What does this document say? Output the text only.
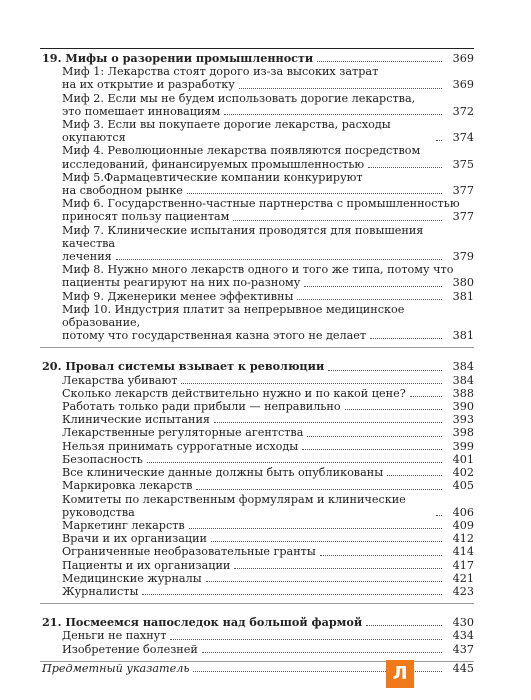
19. Мифы о разорении промышленности	369
Миф 1: Лекарства стоят дорого из-за высоких затрат
на их открытие и разработку	369
Миф 2. Если мы не будем использовать дорогие лекарства,
это помешает инновациям	372
Миф 3. Если вы покупаете дорогие лекарства, расходы окупаются	374
Миф 4. Революционные лекарства появляются посредством
исследований, финансируемых промышленностью	375
Миф 5.Фармацевтические компании конкурируют
на свободном рынке	377
Миф 6. Государственно-частные партнерства с промышленностью
приносят пользу пациентам	377
Миф 7. Клинические испытания проводятся для повышения качества
лечения	379
Миф 8. Нужно много лекарств одного и того же типа, потому что
пациенты реагируют на них по-разному	380
Миф 9. Дженерики менее эффективны	381
Миф 10. Индустрия платит за непрерывное медицинское образование,
потому что государственная казна этого не делает	381
20. Провал системы взывает к революции	384
Лекарства убивают	384
Сколько лекарств действительно нужно и по какой цене?	388
Работать только ради прибыли — неправильно	390
Клинические испытания	393
Лекарственные регуляторные агентства	398
Нельзя принимать суррогатные исходы	399
Безопасность	401
Все клинические данные должны быть опубликованы	402
Маркировка лекарств	405
Комитеты по лекарственным формулярам и клинические руководства	406
Маркетинг лекарств	409
Врачи и их организации	412
Ограниченные необразовательные гранты	414
Пациенты и их организации	417
Медицинские журналы	421
Журналисты	423
21. Посмеемся напоследок над большой фармой	430
Деньги не пахнут	434
Изобретение болезней	437
Предметный указатель	445
Л
